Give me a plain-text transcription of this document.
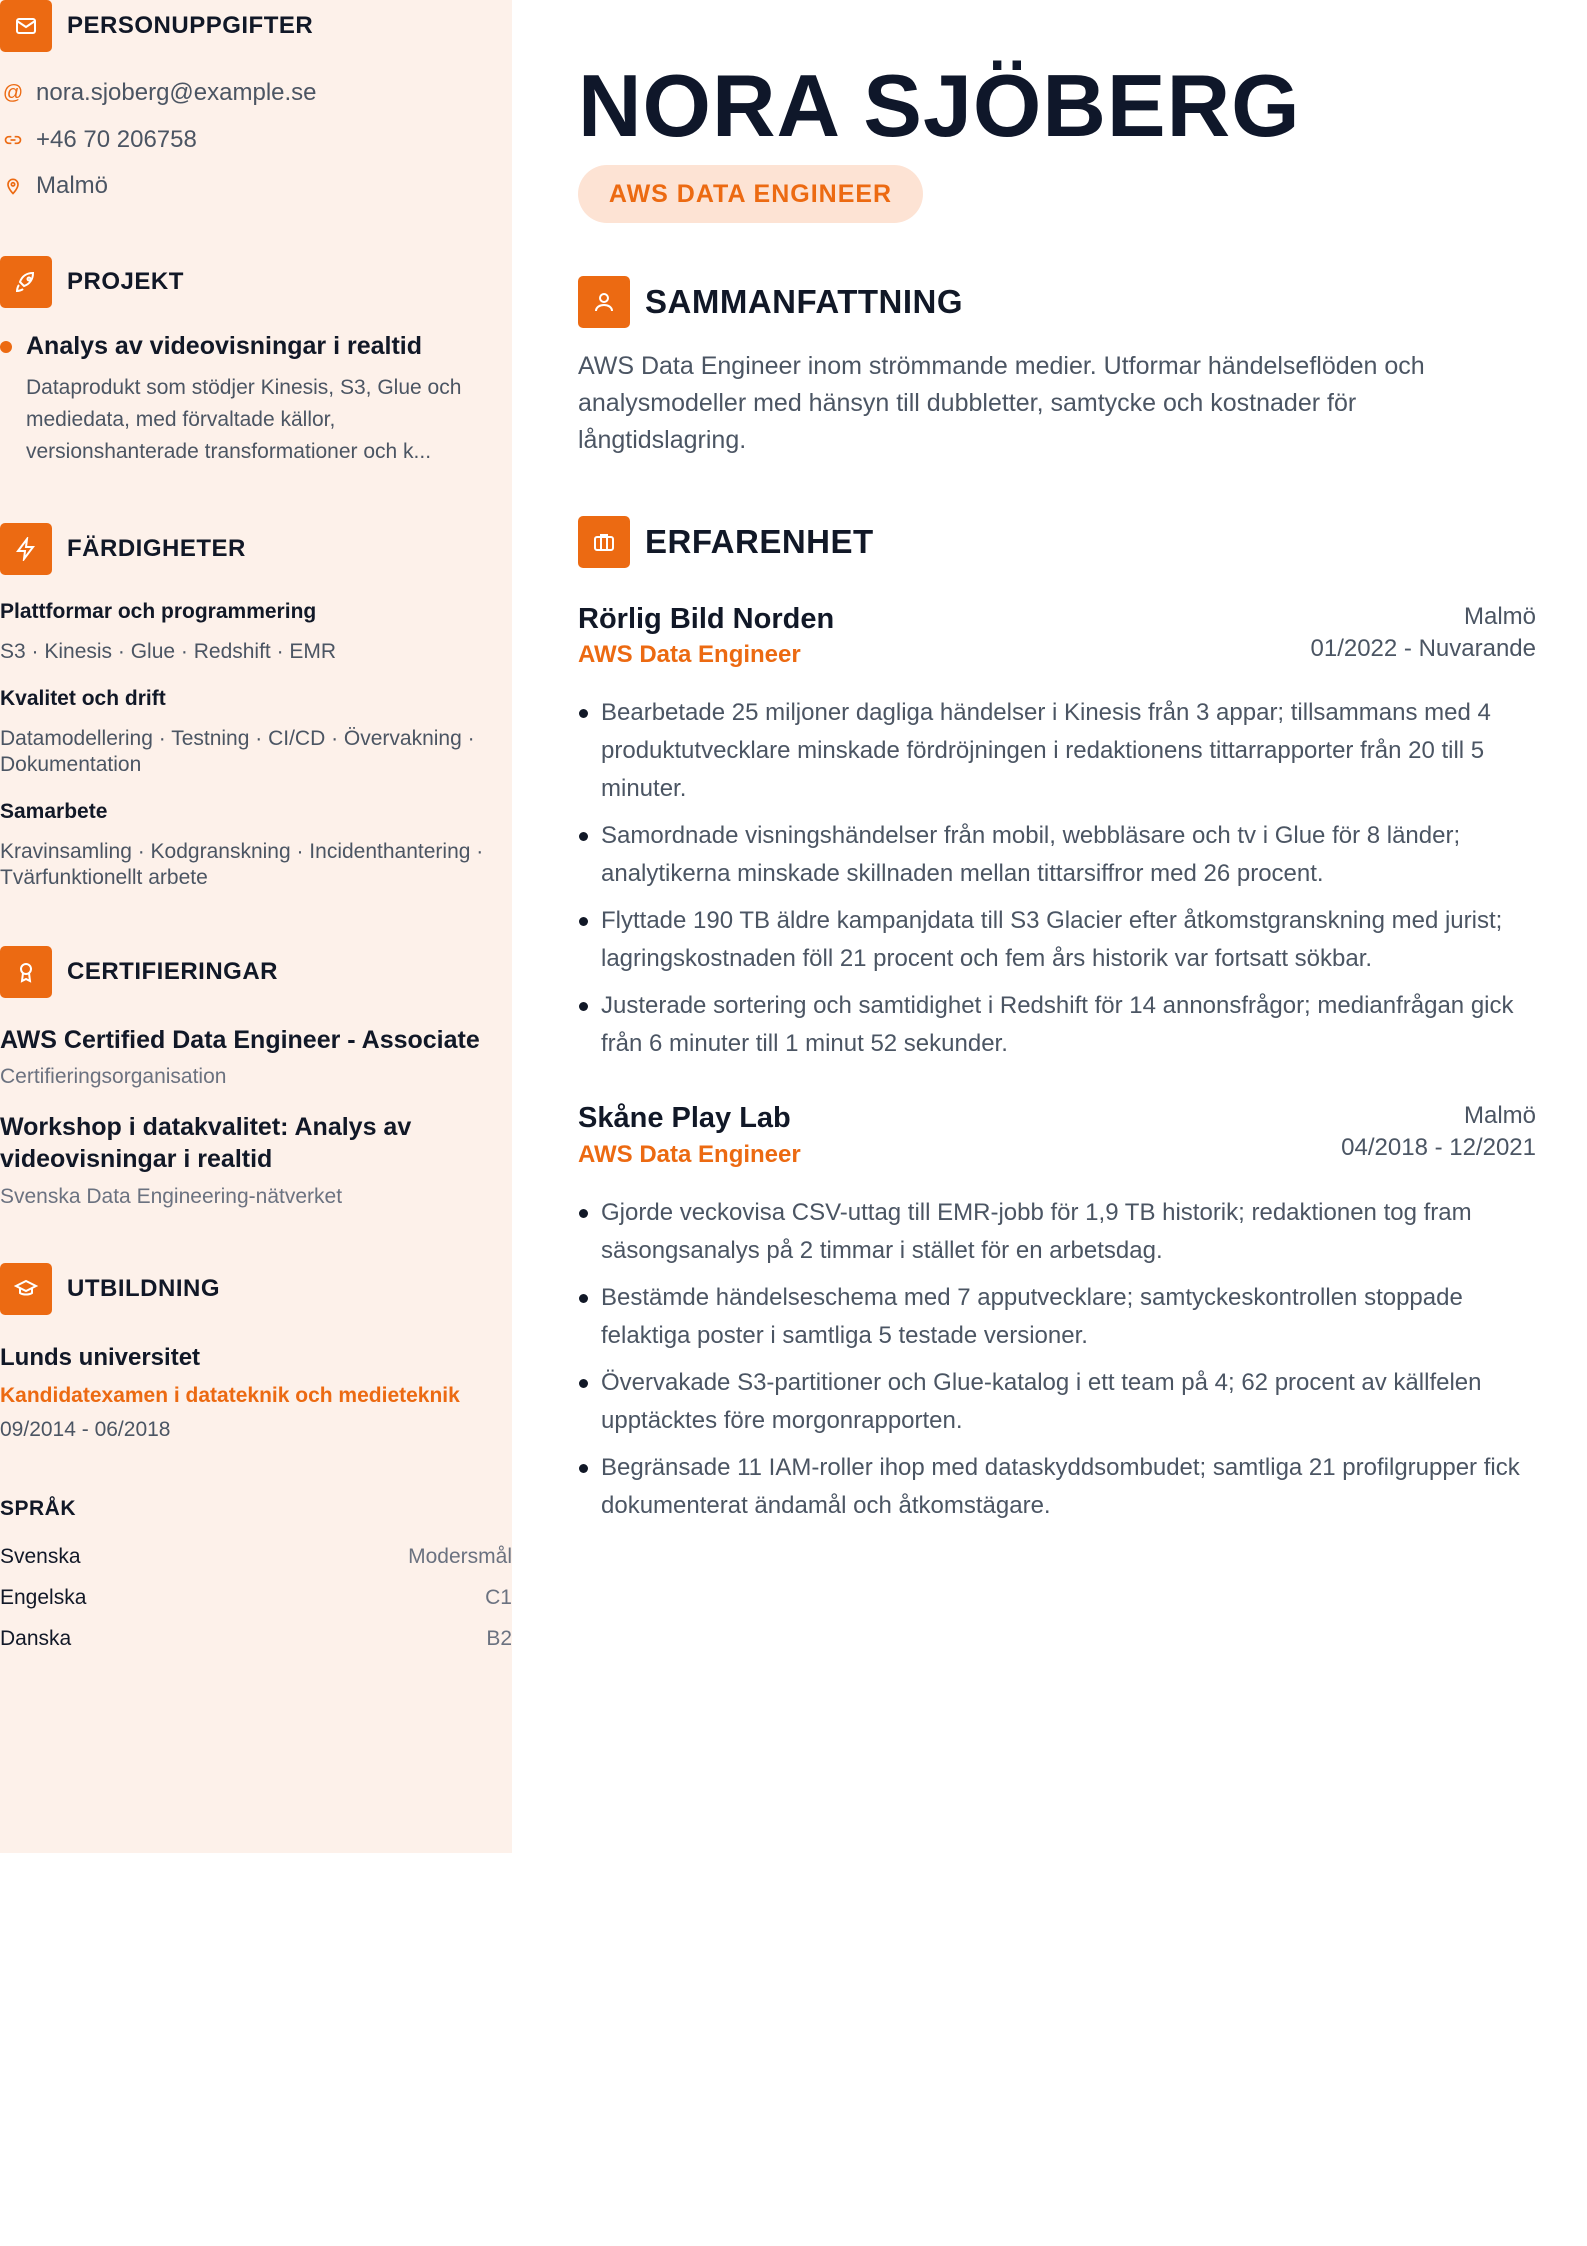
PERSONUPPGIFTER
@ nora.sjoberg@example.se
+46 70 206758
Malmö
PROJEKT
Analys av videovisningar i realtid
Dataprodukt som stödjer Kinesis, S3, Glue och mediedata, med förvaltade källor, versionshanterade transformationer och k...
FÄRDIGHETER
Plattformar och programmering
S3 · Kinesis · Glue · Redshift · EMR
Kvalitet och drift
Datamodellering · Testning · CI/CD · Övervakning · Dokumentation
Samarbete
Kravinsamling · Kodgranskning · Incidenthantering · Tvärfunktionellt arbete
CERTIFIERINGAR
AWS Certified Data Engineer - Associate
Certifieringsorganisation
Workshop i datakvalitet: Analys av videovisningar i realtid
Svenska Data Engineering-nätverket
UTBILDNING
Lunds universitet
Kandidatexamen i datateknik och medieteknik
09/2014 - 06/2018
SPRÅK
Svenska	Modersmål
Engelska	C1
Danska	B2
NORA SJÖBERG
AWS DATA ENGINEER
SAMMANFATTNING

AWS Data Engineer inom strömmande medier. Utformar händelseflöden och analysmodeller med hänsyn till dubbletter, samtycke och kostnader för långtidslagring.

ERFARENHET
Rörlig Bild Norden
AWS Data Engineer
Malmö
01/2022 - Nuvarande
Bearbetade 25 miljoner dagliga händelser i Kinesis från 3 appar; tillsammans med 4 produktutvecklare minskade fördröjningen i redaktionens tittarrapporter från 20 till 5 minuter.
Samordnade visningshändelser från mobil, webbläsare och tv i Glue för 8 länder; analytikerna minskade skillnaden mellan tittarsiffror med 26 procent.
Flyttade 190 TB äldre kampanjdata till S3 Glacier efter åtkomstgranskning med jurist; lagringskostnaden föll 21 procent och fem års historik var fortsatt sökbar.
Justerade sortering och samtidighet i Redshift för 14 annonsfrågor; medianfrågan gick från 6 minuter till 1 minut 52 sekunder.
Skåne Play Lab
AWS Data Engineer
Malmö
04/2018 - 12/2021
Gjorde veckovisa CSV-uttag till EMR-jobb för 1,9 TB historik; redaktionen tog fram säsongsanalys på 2 timmar i stället för en arbetsdag.
Bestämde händelseschema med 7 apputvecklare; samtyckeskontrollen stoppade felaktiga poster i samtliga 5 testade versioner.
Övervakade S3-partitioner och Glue-katalog i ett team på 4; 62 procent av källfelen upptäcktes före morgonrapporten.
Begränsade 11 IAM-roller ihop med dataskyddsombudet; samtliga 21 profilgrupper fick dokumenterat ändamål och åtkomstägare.
